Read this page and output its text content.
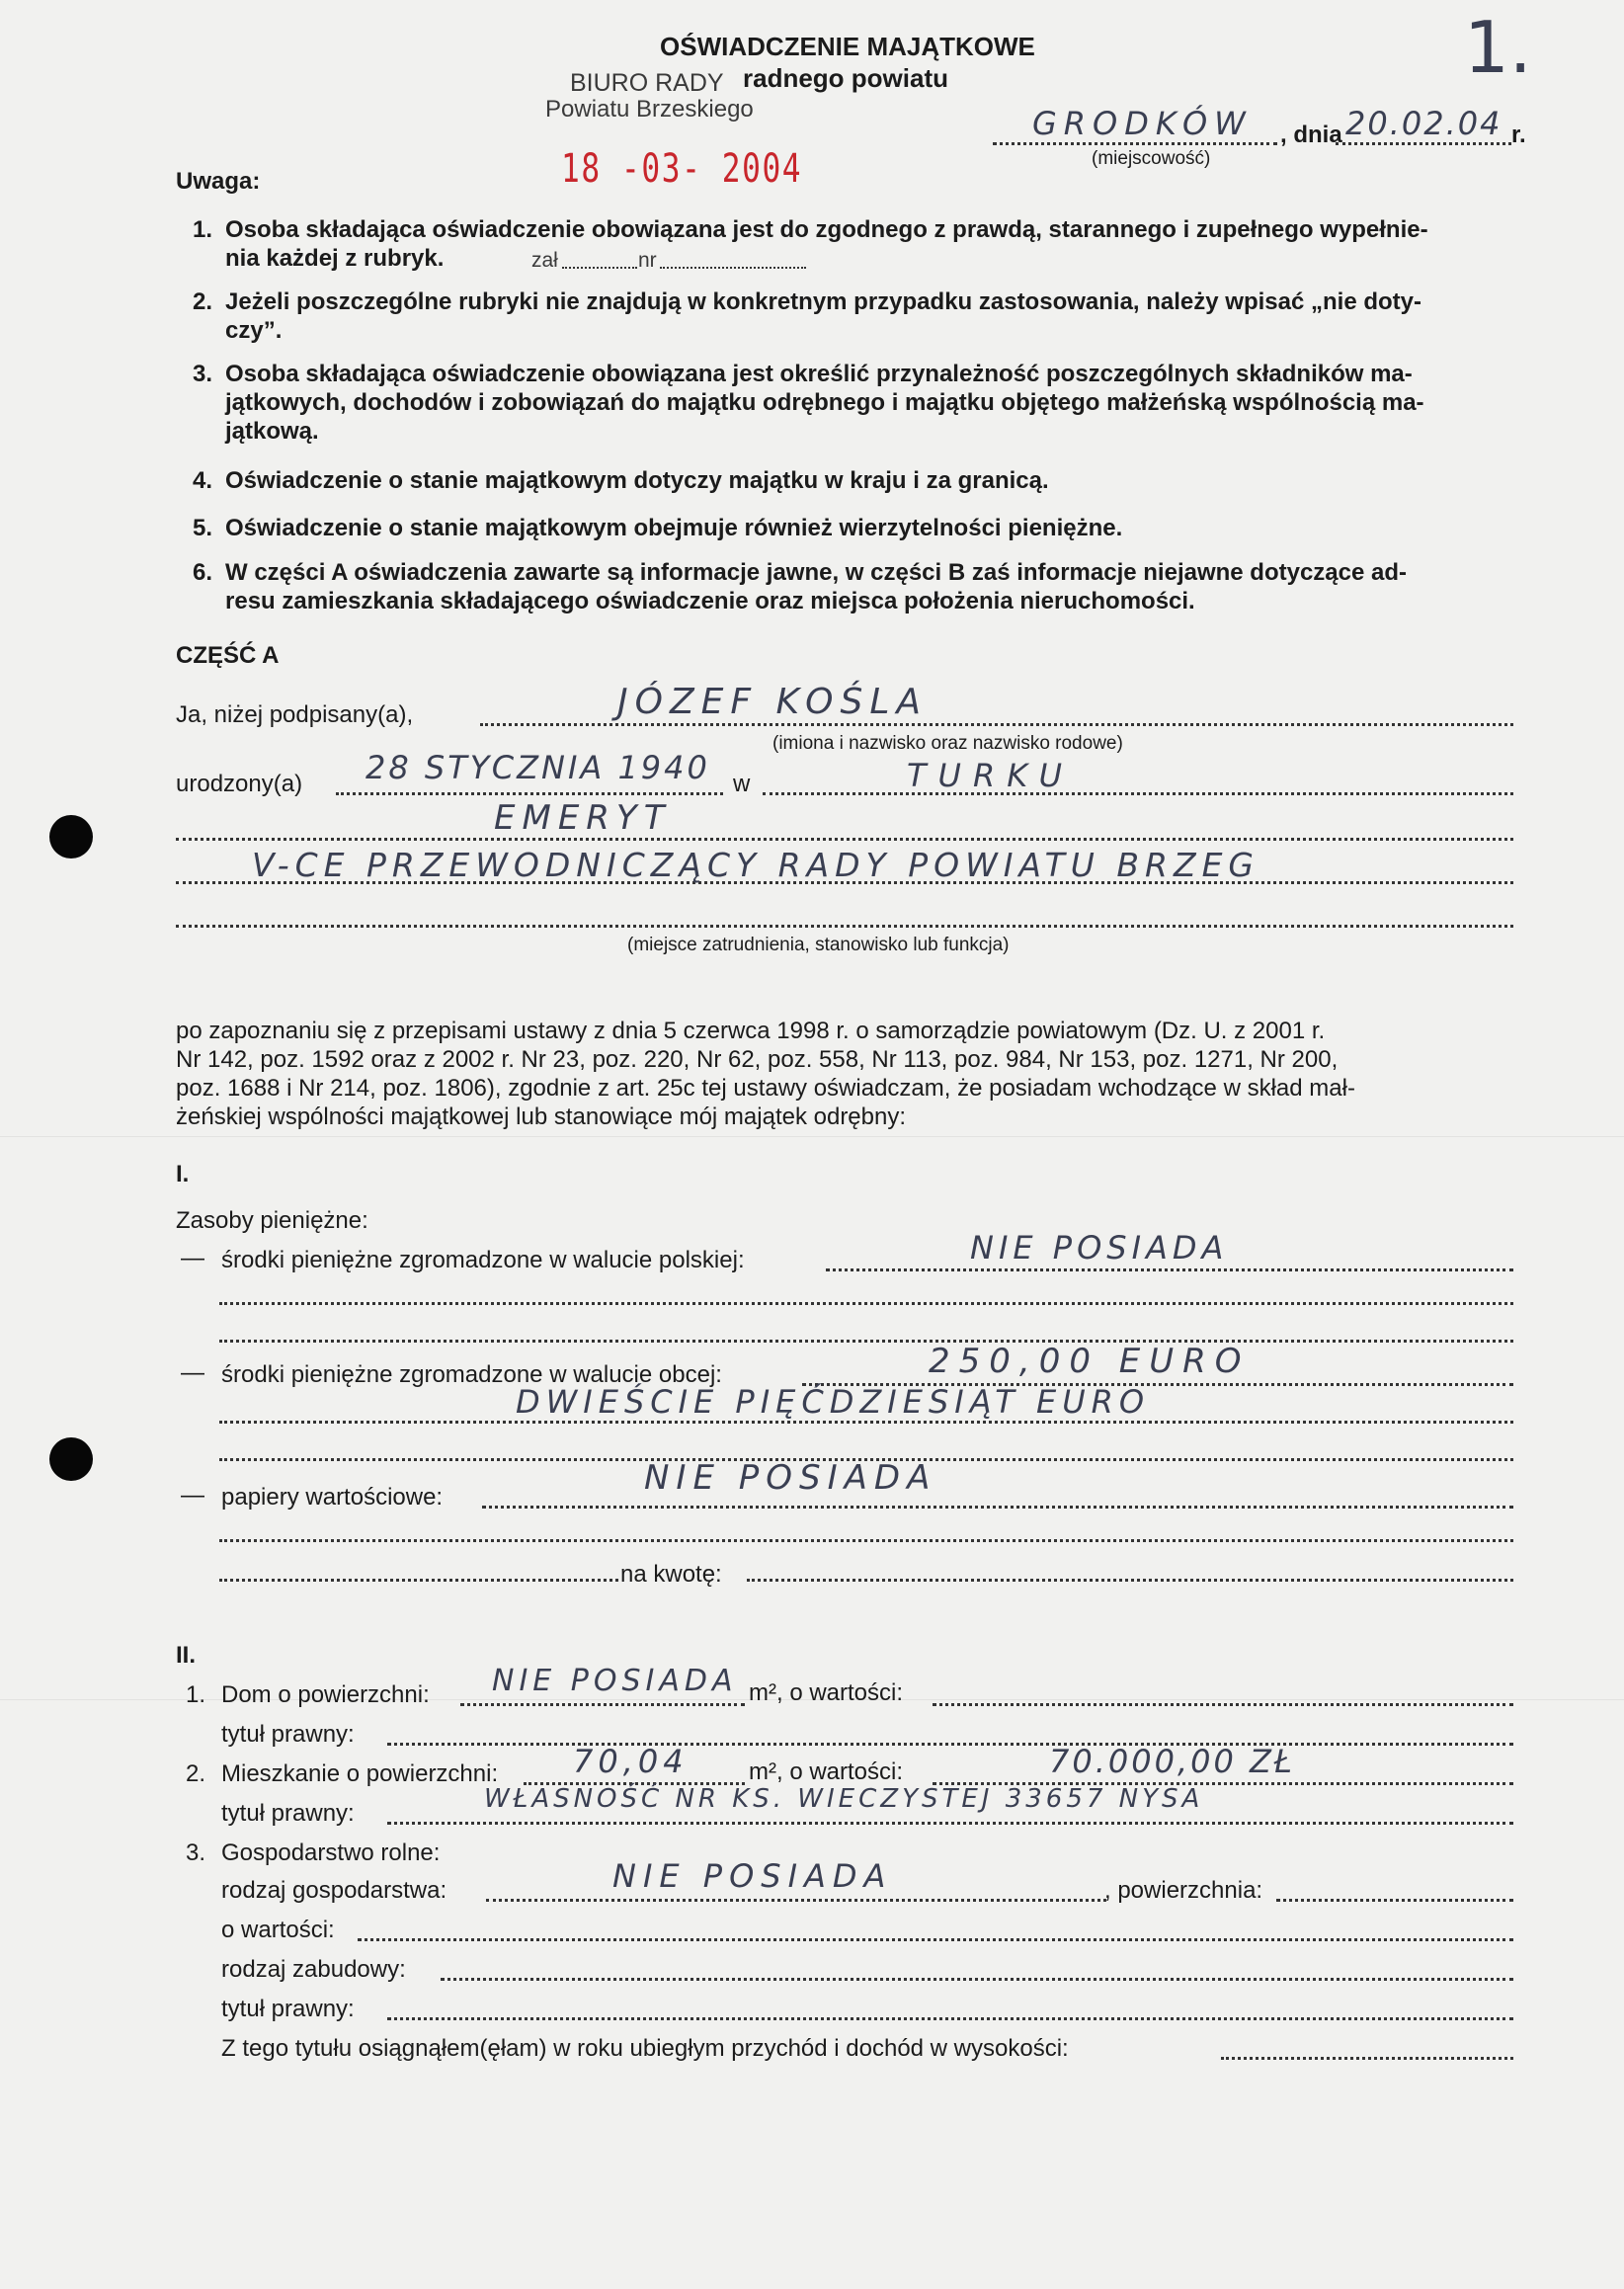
OŚWIADCZENIE MAJĄTKOWE	1.
BIURO RADY radnego powiatu
Powiatu Brzeskiego
18 -03- 2004
GRODKÓW , dnia 20.02.04 r.
(miejscowość)
Uwaga:
1. Osoba składająca oświadczenie obowiązana jest do zgodnego z prawdą, starannego i zupełnego wypełnie-
nia każdej z rubryk.	zał	nr
2. Jeżeli poszczególne rubryki nie znajdują w konkretnym przypadku zastosowania, należy wpisać „nie doty-
czy”.
3. Osoba składająca oświadczenie obowiązana jest określić przynależność poszczególnych składników ma-
jątkowych, dochodów i zobowiązań do majątku odrębnego i majątku objętego małżeńską wspólnością ma-
jątkową.
4. Oświadczenie o stanie majątkowym dotyczy majątku w kraju i za granicą.
5. Oświadczenie o stanie majątkowym obejmuje również wierzytelności pieniężne.
6. W części A oświadczenia zawarte są informacje jawne, w części B zaś informacje niejawne dotyczące ad-
resu zamieszkania składającego oświadczenie oraz miejsca położenia nieruchomości.
CZĘŚĆ A
Ja, niżej podpisany(a),	JÓZEF KOŚLA
(imiona i nazwisko oraz nazwisko rodowe)
urodzony(a) 28 STYCZNIA 1940 w	TURKU
EMERYT
V-CE PRZEWODNICZĄCY RADY POWIATU BRZEG
(miejsce zatrudnienia, stanowisko lub funkcja)
po zapoznaniu się z przepisami ustawy z dnia 5 czerwca 1998 r. o samorządzie powiatowym (Dz. U. z 2001 r.
Nr 142, poz. 1592 oraz z 2002 r. Nr 23, poz. 220, Nr 62, poz. 558, Nr 113, poz. 984, Nr 153, poz. 1271, Nr 200,
poz. 1688 i Nr 214, poz. 1806), zgodnie z art. 25c tej ustawy oświadczam, że posiadam wchodzące w skład mał-
żeńskiej wspólności majątkowej lub stanowiące mój majątek odrębny:
I.
Zasoby pieniężne:
— środki pieniężne zgromadzone w walucie polskiej:	NIE POSIADA
— środki pieniężne zgromadzone w walucie obcej:	250,00 EURO
DWIEŚCIE PIĘĆDZIESIĄT EURO
— papiery wartościowe:	NIE POSIADA
na kwotę:
II.
1. Dom o powierzchni: NIE POSIADA m², o wartości:
tytuł prawny:
2. Mieszkanie o powierzchni: 70,04	m², o wartości:	70.000,00 ZŁ
tytuł prawny:	WŁASNOŚĆ NR KS. WIECZYSTEJ 33657 NYSA
3. Gospodarstwo rolne:
rodzaj gospodarstwa:	NIE POSIADA	, powierzchnia:
o wartości:
rodzaj zabudowy:
tytuł prawny:
Z tego tytułu osiągnąłem(ęłam) w roku ubiegłym przychód i dochód w wysokości:
